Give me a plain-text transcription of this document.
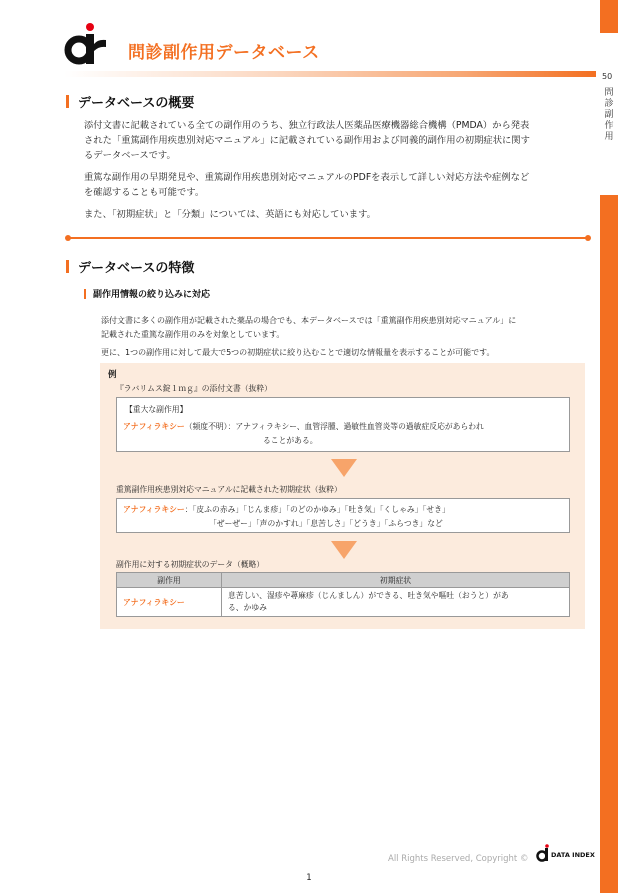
50
問
診
副
作
用
問診副作用データベース
データベースの概要
添付文書に記載されている全ての副作用のうち、独立行政法人医薬品医療機器総合機構（PMDA）から発表
された「重篤副作用疾患別対応マニュアル」に記載されている副作用および同義的副作用の初期症状に関す
るデータベースです。
重篤な副作用の早期発見や、重篤副作用疾患別対応マニュアルのPDFを表示して詳しい対応方法や症例など
を確認することも可能です。
また、「初期症状」と「分類」については、英語にも対応しています。
データベースの特徴
副作用情報の絞り込みに対応
添付文書に多くの副作用が記載された薬品の場合でも、本データベースでは「重篤副作用疾患別対応マニュアル」に
記載された重篤な副作用のみを対象としています。
更に、1つの副作用に対して最大で5つの初期症状に絞り込むことで適切な情報量を表示することが可能です。
例
『ラバリムス錠１ｍｇ』の添付文書（抜粋）
【重大な副作用】
アナフィラキシー（頻度不明）：アナフィラキシー、血管浮腫、過敏性血管炎等の過敏症反応があらわれ
ることがある。
重篤副作用疾患別対応マニュアルに記載された初期症状（抜粋）
アナフィラキシー：「皮ふの赤み」「じんま疹」「のどのかゆみ」「吐き気」「くしゃみ」「せき」
「ぜーぜー」「声のかすれ」「息苦しさ」「どうき」「ふらつき」など
副作用に対する初期症状のデータ（概略）
副作用	初期症状
アナフィラキシー	息苦しい、湿疹や蕁麻疹（じんましん）ができる、吐き気や嘔吐（おうと）があ
る、かゆみ
All Rights Reserved, Copyright ©	DATA INDEX
1
